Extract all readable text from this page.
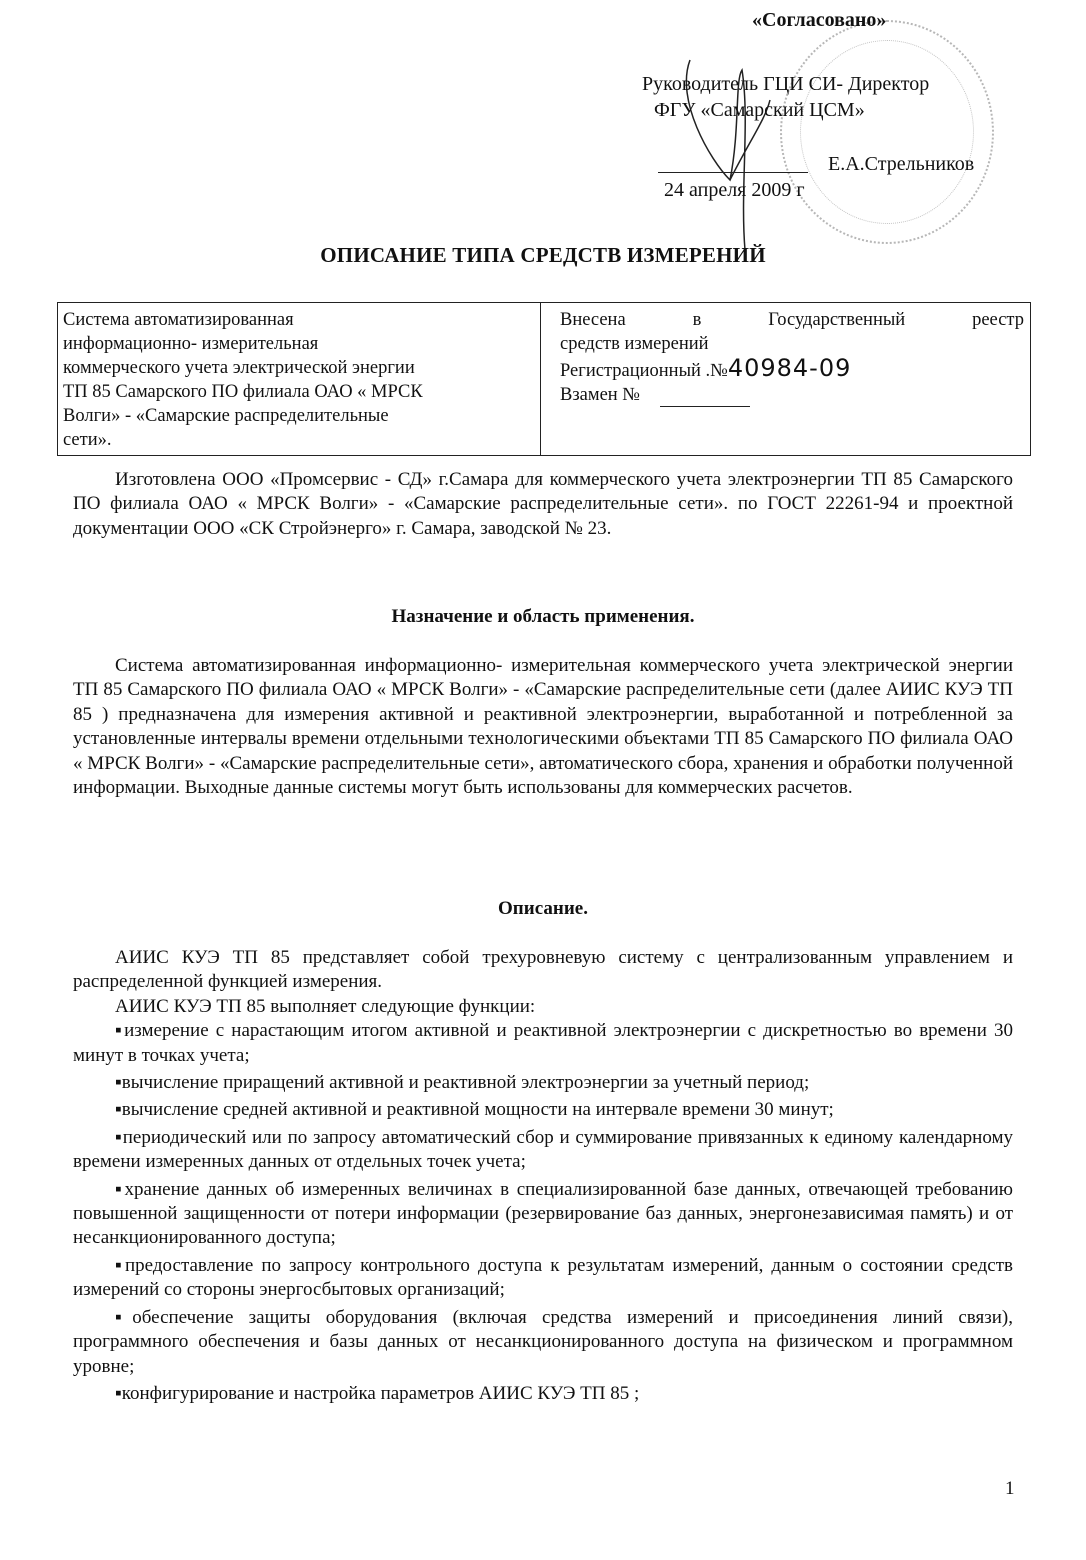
«Согласовано»
Руководитель ГЦИ СИ- Директор
ФГУ «Самарский ЦСМ»
Е.А.Стрельников
24 апреля 2009 г
ОПИСАНИЕ ТИПА СРЕДСТВ ИЗМЕРЕНИЙ
Система автоматизированная
информационно- измерительная
коммерческого учета электрической энергии
ТП 85 Самарского ПО филиала ОАО « МРСК
Волги» - «Самарские распределительные
сети».
Внесена в Государственный реестр
средств измерений
Регистрационный .№40984-09
Взамен №

Изготовлена ООО «Промсервис - СД» г.Самара для коммерческого учета электроэнергии ТП 85 Самарского ПО филиала ОАО « МРСК Волги» - «Самарские распределительные сети». по ГОСТ 22261-94 и проектной документации ООО «СК Стройэнерго» г. Самара, заводской № 23.

Назначение и область применения.

Система автоматизированная информационно- измерительная коммерческого учета электрической энергии ТП 85 Самарского ПО филиала ОАО « МРСК Волги» - «Самарские распределительные сети (далее АИИС КУЭ ТП 85 ) предназначена для измерения активной и реактивной электроэнергии, выработанной и потребленной за установленные интервалы времени отдельными технологическими объектами ТП 85 Самарского ПО филиала ОАО « МРСК Волги» - «Самарские распределительные сети», автоматического сбора, хранения и обработки полученной информации. Выходные данные системы могут быть использованы для коммерческих расчетов.

Описание.

АИИС КУЭ ТП 85 представляет собой трехуровневую систему с централизованным управлением и распределенной функцией измерения.

АИИС КУЭ ТП 85 выполняет следующие функции:

▪измерение с нарастающим итогом активной и реактивной электроэнергии с дискретностью во времени 30 минут в точках учета;

▪вычисление приращений активной и реактивной электроэнергии за учетный период;

▪вычисление средней активной и реактивной мощности на интервале времени 30 минут;

▪периодический или по запросу автоматический сбор и суммирование привязанных к единому календарному времени измеренных данных от отдельных точек учета;

▪хранение данных об измеренных величинах в специализированной базе данных, отвечающей требованию повышенной защищенности от потери информации (резервирование баз данных, энергонезависимая память) и от несанкционированного доступа;

▪предоставление по запросу контрольного доступа к результатам измерений, данным о состоянии средств измерений со стороны энергосбытовых организаций;

▪обеспечение защиты оборудования (включая средства измерений и присоединения линий связи), программного обеспечения и базы данных от несанкционированного доступа на физическом и программном уровне;

▪конфигурирование и настройка параметров АИИС КУЭ ТП 85 ;

1
